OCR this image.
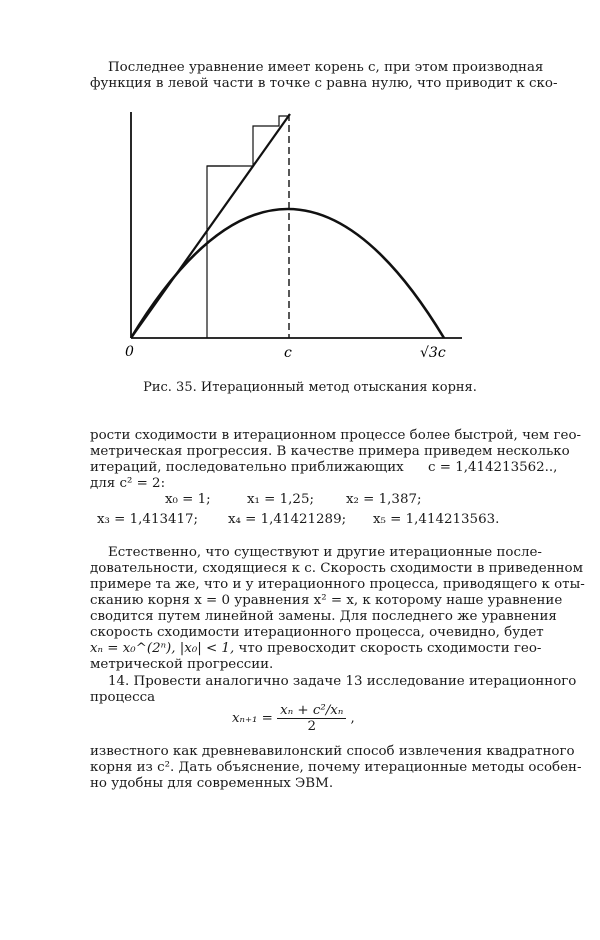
Последнее уравнение имеет корень c, при этом производная
функция в левой части в точке c равна нулю, что приводит к ско-
0	c	√3c
Рис. 35. Итерационный метод отыскания корня.
рости сходимости в итерационном процессе более быстрой, чем гео-
метрическая прогрессия. В качестве примера приведем несколько
итераций, последовательно приближающих c = 1,414213562..,
для c² = 2:
x₀ = 1;	x₁ = 1,25; x₂ = 1,387;
x₃ = 1,413417; x₄ = 1,41421289; x₅ = 1,414213563.
Естественно, что существуют и другие итерационные после-
довательности, сходящиеся к c. Скорость сходимости в приведенном
примере та же, что и у итерационного процесса, приводящего к оты-
сканию корня x = 0 уравнения x² = x, к которому наше уравнение
сводится путем линейной замены. Для последнего же уравнения
скорость сходимости итерационного процесса, очевидно, будет
xₙ = x₀^(2ⁿ), |x₀| < 1, что превосходит скорость сходимости гео-
метрической прогрессии.
14. Провести аналогично задаче 13 исследование итерационного
процесса
$x_{n+1} = \frac{\text{xₙ + c²/xₙ}}{2}$ ,
известного как древневавилонский способ извлечения квадратного
корня из c². Дать объяснение, почему итерационные методы особен-
но удобны для современных ЭВМ.
